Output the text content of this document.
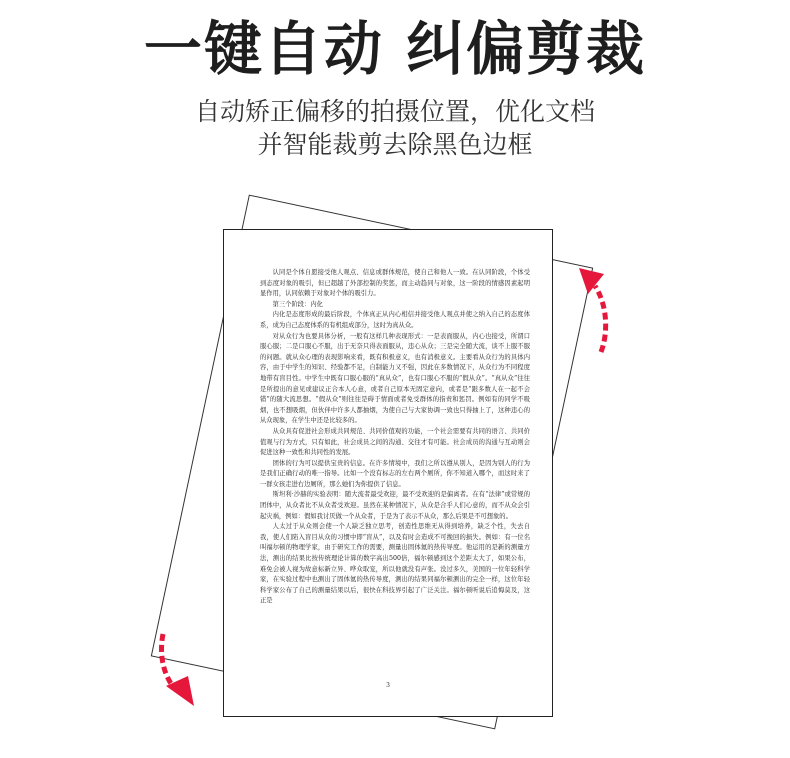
一键自动 纠偏剪裁
自动矫正偏移的拍摄位置，优化文档
并智能裁剪去除黑色边框

认同是个体自愿接受他人观点、信息或群体规范，使自己和他人一致。在认同阶段，个体受到态度对象的吸引，但已超越了外部控制的奖惩，而主动趋同与对象，这一阶段的情感因素起明显作用，认同依赖于对象对个体的吸引力。

第三个阶段：内化

内化是态度形成的最后阶段，个体真正从内心相信并接受他人观点并使之纳入自己的态度体系，成为自己态度体系的有机组成部分，这时为真从众。

对从众行为也要具体分析，一般有这样几种表现形式：一是表面服从，内心也接受，所谓口服心服；二是口服心不服，出于无奈只得表面服从，违心从众；三是完全随大流，谈不上服不服的问题。就从众心理的表现影响来看，既有积极意义，也有消极意义。主要看从众行为的具体内容，由于中学生的知识、经验都不足，自制能力又不强，因此在多数情况下，从众行为不同程度地带有盲目性。中学生中既有口服心服的“真从众”，也有口服心不服的“假从众”。“真从众”往往是所提出的意见或建议正合本人心意，或者自己原本无固定意向，或者是“跟多数人在一起不会错”的随大流思想。“假从众”则往往是碍于情面或者免受群体的指责和惩罚。例如有的同学不吸烟，也不想吸烟，但伙伴中许多人都抽烟，为使自己与大家协调一致也只得抽上了，这种违心的从众现象，在学生中还是比较多的。

从众具有促进社会形成共同规范、共同价值观的功能，一个社会需要有共同的语言、共同价值观与行为方式，只有如此，社会成员之间的沟通、交往才有可能。社会成员的沟通与互动则会促进这种一致性和共同性的发展。

团体的行为可以提供宝贵的信息。在许多情境中，我们之所以遵从别人，是因为别人的行为是我们正确行动的唯一指导。比如一个没有标志的左右两个厕所，你不知道入哪个，而这时来了一群女孩走进右边厕所，那么她们为你提供了信息。

斯坦利·沙赫的实验表明：随大流者最受欢迎，最不受欢迎的是偏离者。在有“法律”或常规的团体中，从众者比不从众者受欢迎。虽然在某种情况下，从众是合乎人们心意的，而不从众会引起灾祸，例如：假如我讨厌做一个从众者，于是为了表示不从众，那么后果是不可想象的。

人太过于从众则会使一个人缺乏独立思考，创造性思维无从得到培养，缺乏个性，失去自我，使人们陷入盲目从众的习惯中即“盲从”，以及有时会造成不可挽回的损失。例如：有一位名叫福尔顿的物理学家，由于研究工作的需要，测量出固体氦的热传导度。他运用的是新的测量方法，测出的结果比按传统理论计算的数字高出500倍，福尔顿感到这个差距太大了，如果公布，难免会被人视为故意标新立异、哗众取宠，所以他就没有声张。没过多久，美国的一位年轻科学家，在实验过程中也测出了固体氦的热传导度，测出的结果同福尔顿测出的完全一样，这位年轻科学家公布了自己的测量结果以后，很快在科技界引起了广泛关注。福尔顿听说后追悔莫及，这正是

3
